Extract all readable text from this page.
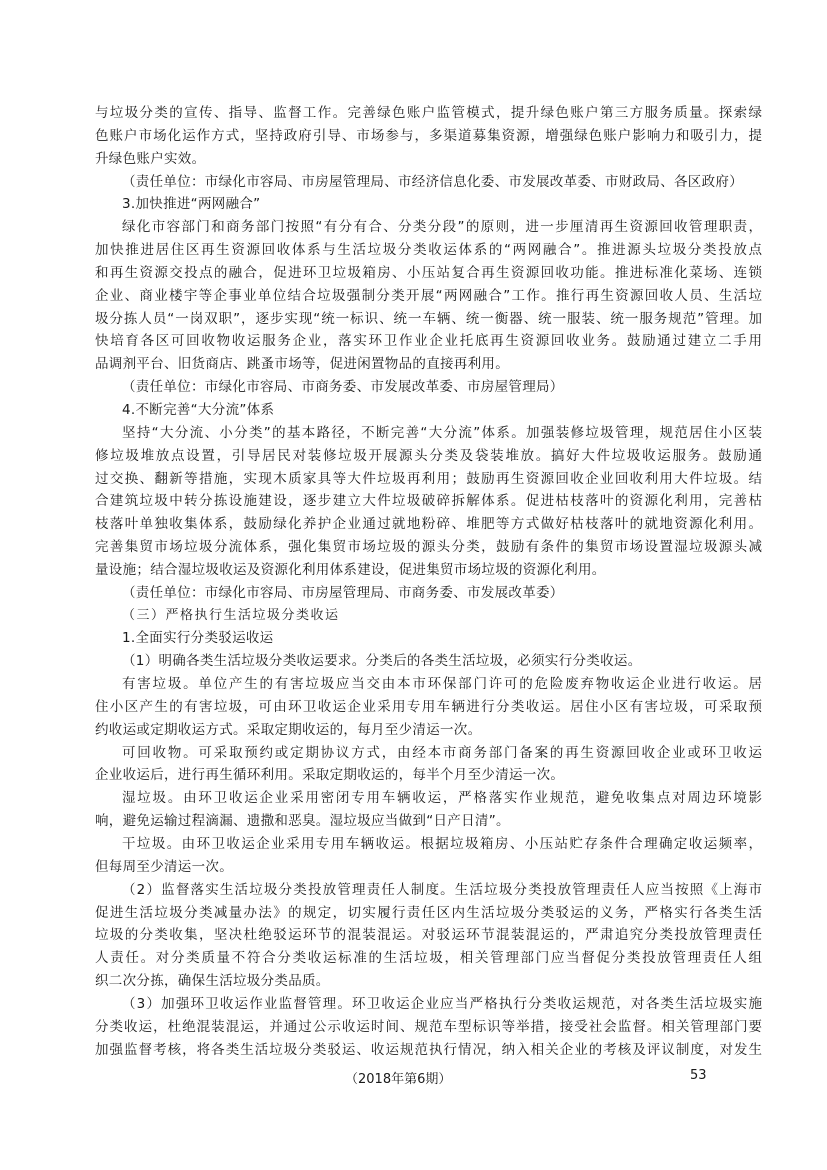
与垃圾分类的宣传、指导、监督工作。完善绿色账户监管模式，提升绿色账户第三方服务质量。探索绿
色账户市场化运作方式，坚持政府引导、市场参与，多渠道募集资源，增强绿色账户影响力和吸引力，提
升绿色账户实效。
（责任单位：市绿化市容局、市房屋管理局、市经济信息化委、市发展改革委、市财政局、各区政府）
3.加快推进“两网融合”
绿化市容部门和商务部门按照“有分有合、分类分段”的原则，进一步厘清再生资源回收管理职责，
加快推进居住区再生资源回收体系与生活垃圾分类收运体系的“两网融合”。推进源头垃圾分类投放点
和再生资源交投点的融合，促进环卫垃圾箱房、小压站复合再生资源回收功能。推进标准化菜场、连锁
企业、商业楼宇等企事业单位结合垃圾强制分类开展“两网融合”工作。推行再生资源回收人员、生活垃
圾分拣人员“一岗双职”，逐步实现“统一标识、统一车辆、统一衡器、统一服装、统一服务规范”管理。加
快培育各区可回收物收运服务企业，落实环卫作业企业托底再生资源回收业务。鼓励通过建立二手用
品调剂平台、旧货商店、跳蚤市场等，促进闲置物品的直接再利用。
（责任单位：市绿化市容局、市商务委、市发展改革委、市房屋管理局）
4.不断完善“大分流”体系
坚持“大分流、小分类”的基本路径，不断完善“大分流”体系。加强装修垃圾管理，规范居住小区装
修垃圾堆放点设置，引导居民对装修垃圾开展源头分类及袋装堆放。搞好大件垃圾收运服务。鼓励通
过交换、翻新等措施，实现木质家具等大件垃圾再利用；鼓励再生资源回收企业回收利用大件垃圾。结
合建筑垃圾中转分拣设施建设，逐步建立大件垃圾破碎拆解体系。促进枯枝落叶的资源化利用，完善枯
枝落叶单独收集体系，鼓励绿化养护企业通过就地粉碎、堆肥等方式做好枯枝落叶的就地资源化利用。
完善集贸市场垃圾分流体系，强化集贸市场垃圾的源头分类，鼓励有条件的集贸市场设置湿垃圾源头减
量设施；结合湿垃圾收运及资源化利用体系建设，促进集贸市场垃圾的资源化利用。
（责任单位：市绿化市容局、市房屋管理局、市商务委、市发展改革委）
（三）严格执行生活垃圾分类收运
1.全面实行分类驳运收运
（1）明确各类生活垃圾分类收运要求。分类后的各类生活垃圾，必须实行分类收运。
有害垃圾。单位产生的有害垃圾应当交由本市环保部门许可的危险废弃物收运企业进行收运。居
住小区产生的有害垃圾，可由环卫收运企业采用专用车辆进行分类收运。居住小区有害垃圾，可采取预
约收运或定期收运方式。采取定期收运的，每月至少清运一次。
可回收物。可采取预约或定期协议方式，由经本市商务部门备案的再生资源回收企业或环卫收运
企业收运后，进行再生循环利用。采取定期收运的，每半个月至少清运一次。
湿垃圾。由环卫收运企业采用密闭专用车辆收运，严格落实作业规范，避免收集点对周边环境影
响，避免运输过程滴漏、遗撒和恶臭。湿垃圾应当做到“日产日清”。
干垃圾。由环卫收运企业采用专用车辆收运。根据垃圾箱房、小压站贮存条件合理确定收运频率，
但每周至少清运一次。
（2）监督落实生活垃圾分类投放管理责任人制度。生活垃圾分类投放管理责任人应当按照《上海市
促进生活垃圾分类减量办法》的规定，切实履行责任区内生活垃圾分类驳运的义务，严格实行各类生活
垃圾的分类收集，坚决杜绝驳运环节的混装混运。对驳运环节混装混运的，严肃追究分类投放管理责任
人责任。对分类质量不符合分类收运标准的生活垃圾，相关管理部门应当督促分类投放管理责任人组
织二次分拣，确保生活垃圾分类品质。
（3）加强环卫收运作业监督管理。环卫收运企业应当严格执行分类收运规范，对各类生活垃圾实施
分类收运，杜绝混装混运，并通过公示收运时间、规范车型标识等举措，接受社会监督。相关管理部门要
加强监督考核，将各类生活垃圾分类驳运、收运规范执行情况，纳入相关企业的考核及评议制度，对发生
（2018年第6期）	53
